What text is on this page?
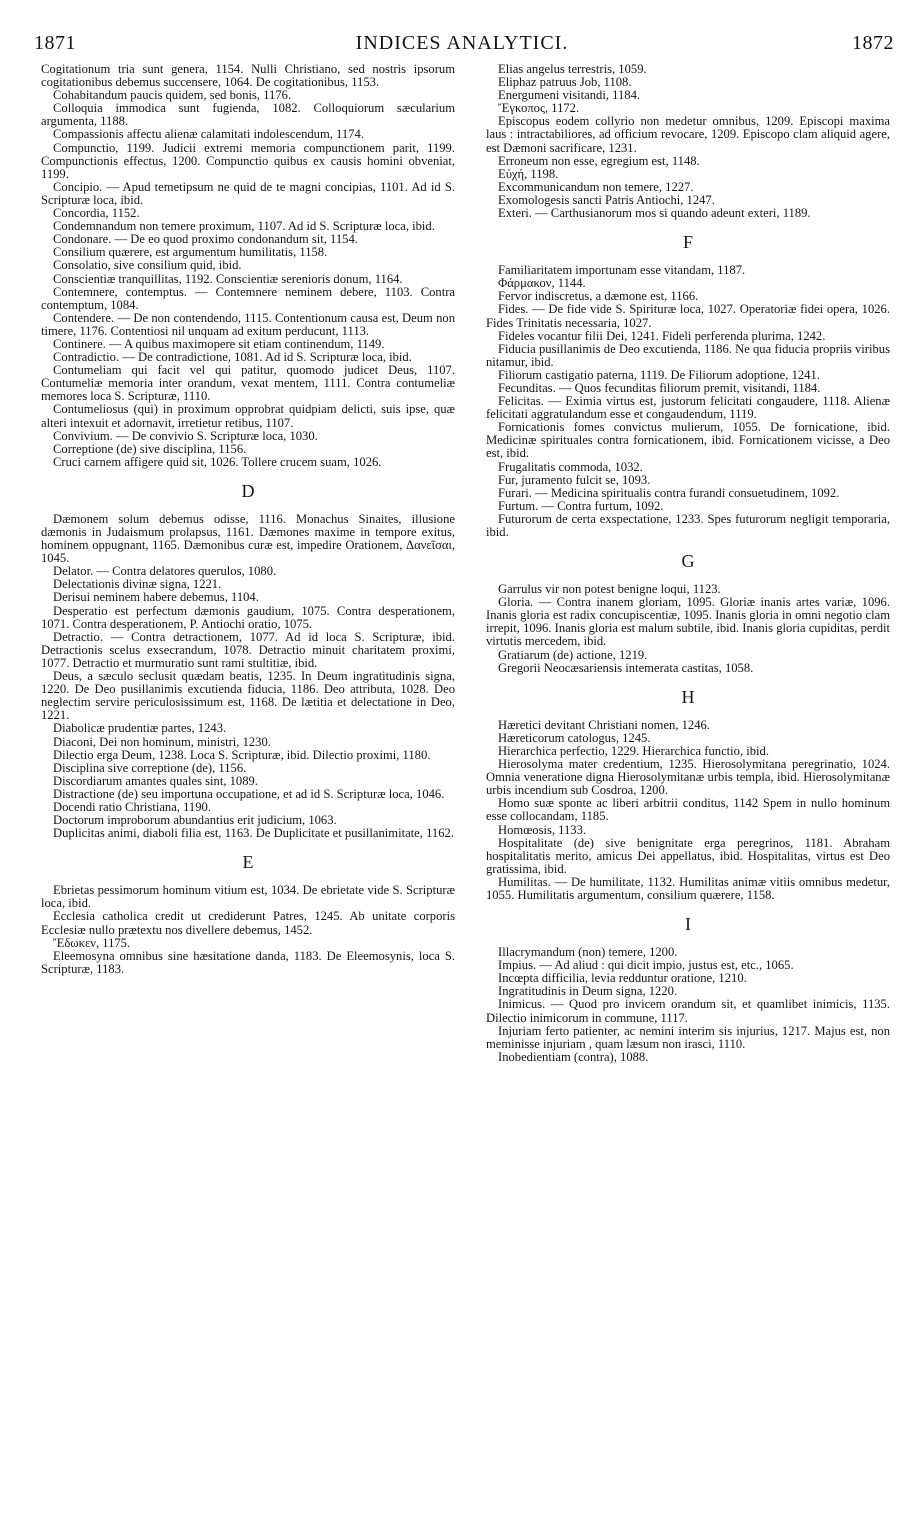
1871	INDICES ANALYTICI.	1872

Cogitationum tria sunt genera, 1154. Nulli Christiano, sed nostris ipsorum cogitationibus debemus succensere, 1064. De cogitationibus, 1153.

Cohabitandum paucis quidem, sed bonis, 1176.

Colloquia immodica sunt fugienda, 1082. Colloquiorum sæcularium argumenta, 1188.

Compassionis affectu alienæ calamitati indolescendum, 1174.

Compunctio, 1199. Judicii extremi memoria compunctionem parit, 1199. Compunctionis effectus, 1200. Compunctio quibus ex causis homini obveniat, 1199.

Concipio. — Apud temetipsum ne quid de te magni concipias, 1101. Ad id S. Scripturæ loca, ibid.

Concordia, 1152.

Condemnandum non temere proximum, 1107. Ad id S. Scripturæ loca, ibid.

Condonare. — De eo quod proximo condonandum sit, 1154.

Consilium quærere, est argumentum humilitatis, 1158.

Consolatio, sive consilium quid, ibid.

Conscientiæ tranquillitas, 1192. Conscientiæ serenioris donum, 1164.

Contemnere, contemptus. — Contemnere neminem debere, 1103. Contra contemptum, 1084.

Contendere. — De non contendendo, 1115. Contentionum causa est, Deum non timere, 1176. Contentiosi nil unquam ad exitum perducunt, 1113.

Continere. — A quibus maximopere sit etiam continendum, 1149.

Contradictio. — De contradictione, 1081. Ad id S. Scripturæ loca, ibid.

Contumeliam qui facit vel qui patitur, quomodo judicet Deus, 1107. Contumeliæ memoria inter orandum, vexat mentem, 1111. Contra contumeliæ memores loca S. Scripturæ, 1110.

Contumeliosus (qui) in proximum opprobrat quidpiam delicti, suis ipse, quæ alteri intexuit et adornavit, irretietur retibus, 1107.

Convivium. — De convivio S. Scripturæ loca, 1030.

Correptione (de) sive disciplina, 1156.

Cruci carnem affigere quid sit, 1026. Tollere crucem suam, 1026.

D

Dæmonem solum debemus odisse, 1116. Monachus Sinaites, illusione dæmonis in Judaismum prolapsus, 1161. Dæmones maxime in tempore exitus, hominem oppugnant, 1165. Dæmonibus curæ est, impedire Orationem, Δανεῖσαι, 1045.

Delator. — Contra delatores querulos, 1080.

Delectationis divinæ signa, 1221.

Derisui neminem habere debemus, 1104.

Desperatio est perfectum dæmonis gaudium, 1075. Contra desperationem, 1071. Contra desperationem, P. Antiochi oratio, 1075.

Detractio. — Contra detractionem, 1077. Ad id loca S. Scripturæ, ibid. Detractionis scelus exsecrandum, 1078. Detractio minuit charitatem proximi, 1077. Detractio et murmuratio sunt rami stultitiæ, ibid.

Deus, a sæculo seclusit quædam beatis, 1235. In Deum ingratitudinis signa, 1220. De Deo pusillanimis excutienda fiducia, 1186. Deo attributa, 1028. Deo neglectim servire periculosissimum est, 1168. De lætitia et delectatione in Deo, 1221.

Diabolicæ prudentiæ partes, 1243.

Diaconi, Dei non hominum, ministri, 1230.

Dilectio erga Deum, 1238. Loca S. Scripturæ, ibid. Dilectio proximi, 1180.

Disciplina sive correptione (de), 1156.

Discordiarum amantes quales sint, 1089.

Distractione (de) seu importuna occupatione, et ad id S. Scripturæ loca, 1046.

Docendi ratio Christiana, 1190.

Doctorum improborum abundantius erit judicium, 1063.

Duplicitas animi, diaboli filia est, 1163. De Duplicitate et pusillanimitate, 1162.

E

Ebrietas pessimorum hominum vitium est, 1034. De ebrietate vide S. Scripturæ loca, ibid.

Ecclesia catholica credit ut crediderunt Patres, 1245. Ab unitate corporis Ecclesiæ nullo prætextu nos divellere debemus, 1452.

Ἔδωκεν, 1175.

Eleemosyna omnibus sine hæsitatione danda, 1183. De Eleemosynis, loca S. Scripturæ, 1183.

Elias angelus terrestris, 1059.

Eliphaz patruus Job, 1108.

Energumeni visitandi, 1184.

Ἔγκοπος, 1172.

Episcopus eodem collyrio non medetur omnibus, 1209. Episcopi maxima laus : intractabiliores, ad officium revocare, 1209. Episcopo clam aliquid agere, est Dæmoni sacrificare, 1231.

Erroneum non esse, egregium est, 1148.

Εὐχή, 1198.

Excommunicandum non temere, 1227.

Exomologesis sancti Patris Antiochi, 1247.

Exteri. — Carthusianorum mos si quando adeunt exteri, 1189.

F

Familiaritatem importunam esse vitandam, 1187.

Φάρμακον, 1144.

Fervor indiscretus, a dæmone est, 1166.

Fides. — De fide vide S. Spirituræ loca, 1027. Operatoriæ fidei opera, 1026. Fides Trinitatis necessaria, 1027.

Fideles vocantur filii Dei, 1241. Fideli perferenda plurima, 1242.

Fiducia pusillanimis de Deo excutienda, 1186. Ne qua fiducia propriis viribus nitamur, ibid.

Filiorum castigatio paterna, 1119. De Filiorum adoptione, 1241.

Fecunditas. — Quos fecunditas filiorum premit, visitandi, 1184.

Felicitas. — Eximia virtus est, justorum felicitati congaudere, 1118. Alienæ felicitati aggratulandum esse et congaudendum, 1119.

Fornicationis fomes convictus mulierum, 1055. De fornicatione, ibid. Medicinæ spirituales contra fornicationem, ibid. Fornicationem vicisse, a Deo est, ibid.

Frugalitatis commoda, 1032.

Fur, juramento fulcit se, 1093.

Furari. — Medicina spiritualis contra furandi consuetudinem, 1092.

Furtum. — Contra furtum, 1092.

Futurorum de certa exspectatione, 1233. Spes futurorum negligit temporaria, ibid.

G

Garrulus vir non potest benigne loqui, 1123.

Gloria. — Contra inanem gloriam, 1095. Gloriæ inanis artes variæ, 1096. Inanis gloria est radix concupiscentiæ, 1095. Inanis gloria in omni negotio clam irrepit, 1096. Inanis gloria est malum subtile, ibid. Inanis gloria cupiditas, perdit virtutis mercedem, ibid.

Gratiarum (de) actione, 1219.

Gregorii Neocæsariensis intemerata castitas, 1058.

H

Hæretici devitant Christiani nomen, 1246.

Hæreticorum catologus, 1245.

Hierarchica perfectio, 1229. Hierarchica functio, ibid.

Hierosolyma mater credentium, 1235. Hierosolymitana peregrinatio, 1024. Omnia veneratione digna Hierosolymitanæ urbis templa, ibid. Hierosolymitanæ urbis incendium sub Cosdroa, 1200.

Homo suæ sponte ac liberi arbitrii conditus, 1142 Spem in nullo hominum esse collocandam, 1185.

Homœosis, 1133.

Hospitalitate (de) sive benignitate erga peregrinos, 1181. Abraham hospitalitatis merito, amicus Dei appellatus, ibid. Hospitalitas, virtus est Deo gratissima, ibid.

Humilitas. — De humilitate, 1132. Humilitas animæ vitiis omnibus medetur, 1055. Humilitatis argumentum, consilium quærere, 1158.

I

Illacrymandum (non) temere, 1200.

Impius. — Ad aliud : qui dicit impio, justus est, etc., 1065.

Incœpta difficilia, levia redduntur oratione, 1210.

Ingratitudinis in Deum signa, 1220.

Inimicus. — Quod pro invicem orandum sit, et quamlibet inimicis, 1135. Dilectio inimicorum in commune, 1117.

Injuriam ferto patienter, ac nemini interim sis injurius, 1217. Majus est, non meminisse injuriam , quam læsum non irasci, 1110.

Inobedientiam (contra), 1088.
